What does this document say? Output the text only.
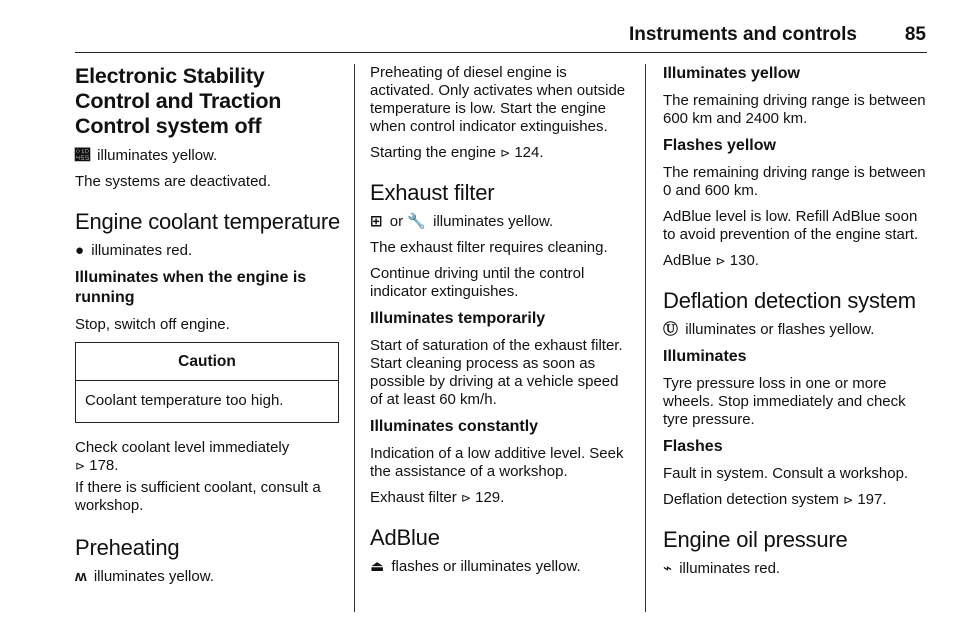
Instruments and controls	85
Electronic Stability Control and Traction Control system off

𝑕 illuminates yellow.

The systems are deactivated.

Engine coolant temperature

● illuminates red.

Illuminates when the engine is running

Stop, switch off engine.

Caution
Coolant temperature too high.

Check coolant level immediately
⊳ 178.

If there is sufficient coolant, consult a workshop.

Preheating

ʍ illuminates yellow.

Preheating of diesel engine is activated. Only activates when outside temperature is low. Start the engine when control indicator extinguishes.

Starting the engine ⊳ 124.

Exhaust filter

⊞ or 🔧 illuminates yellow.

The exhaust filter requires cleaning.

Continue driving until the control indicator extinguishes.

Illuminates temporarily

Start of saturation of the exhaust filter. Start cleaning process as soon as possible by driving at a vehicle speed of at least 60 km/h.

Illuminates constantly

Indication of a low additive level. Seek the assistance of a workshop.

Exhaust filter ⊳ 129.

AdBlue

⏏ flashes or illuminates yellow.

Illuminates yellow

The remaining driving range is between 600 km and 2400 km.

Flashes yellow

The remaining driving range is between 0 and 600 km.

AdBlue level is low. Refill AdBlue soon to avoid prevention of the engine start.

AdBlue ⊳ 130.

Deflation detection system

Ⓤ illuminates or flashes yellow.

Illuminates

Tyre pressure loss in one or more wheels. Stop immediately and check tyre pressure.

Flashes

Fault in system. Consult a workshop.

Deflation detection system ⊳ 197.

Engine oil pressure

⌁ illuminates red.
